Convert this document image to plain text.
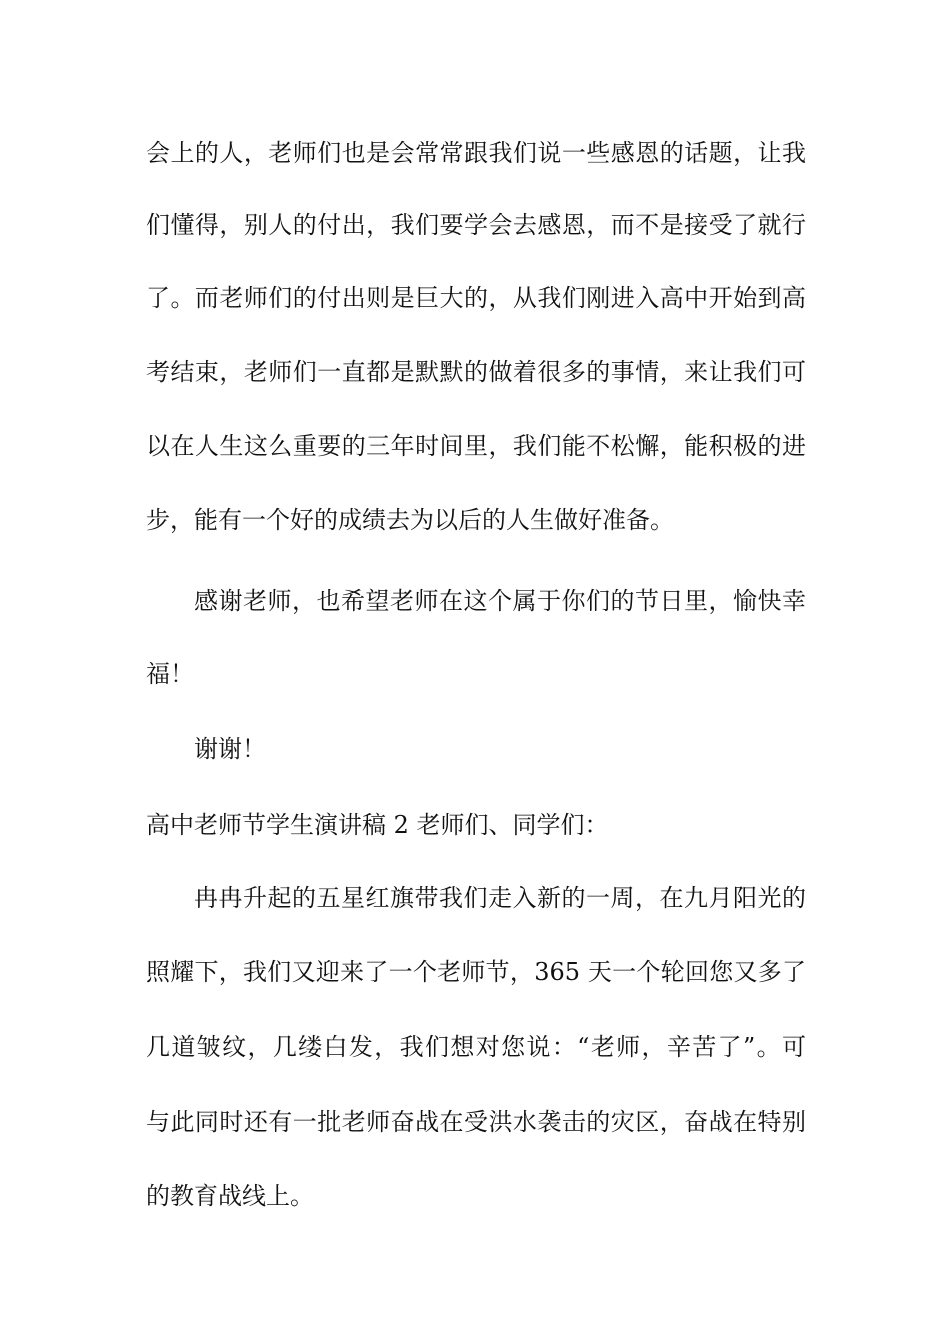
会上的人，老师们也是会常常跟我们说一些感恩的话题，让我
们懂得，别人的付出，我们要学会去感恩，而不是接受了就行
了。而老师们的付出则是巨大的，从我们刚进入高中开始到高
考结束，老师们一直都是默默的做着很多的事情，来让我们可
以在人生这么重要的三年时间里，我们能不松懈，能积极的进
步，能有一个好的成绩去为以后的人生做好准备。
感谢老师，也希望老师在这个属于你们的节日里，愉快幸
福！
谢谢！
高中老师节学生演讲稿 2 老师们、同学们：
冉冉升起的五星红旗带我们走入新的一周，在九月阳光的
照耀下，我们又迎来了一个老师节，365 天一个轮回您又多了
几道皱纹，几缕白发，我们想对您说：“老师，辛苦了”。可
与此同时还有一批老师奋战在受洪水袭击的灾区，奋战在特别
的教育战线上。
